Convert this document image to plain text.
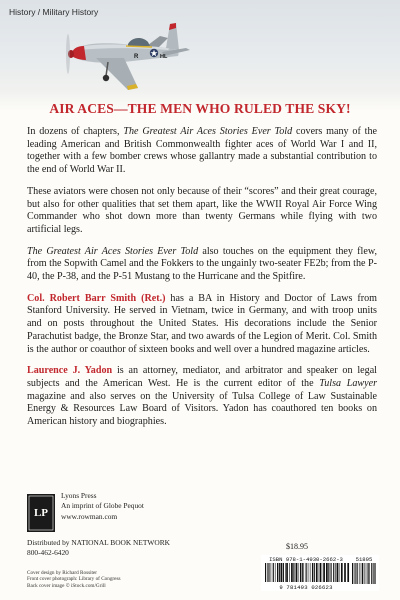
History / Military History
R	HL
AIR ACES—THE MEN WHO RULED THE SKY!

In dozens of chapters, The Greatest Air Aces Stories Ever Told covers many of the leading American and British Commonwealth fighter aces of World War I and II, together with a few bomber crews whose gallantry made a substantial contribution to the end of World War II.

These aviators were chosen not only because of their “scores” and their great courage, but also for other qualities that set them apart, like the WWII Royal Air Force Wing Commander who shot down more than twenty Germans while flying with two artificial legs.

The Greatest Air Aces Stories Ever Told also touches on the equipment they flew, from the Sopwith Camel and the Fokkers to the ungainly two-seater FE2b; from the P-40, the P-38, and the P-51 Mustang to the Hurricane and the Spitfire.

Col. Robert Barr Smith (Ret.) has a BA in History and Doctor of Laws from Stanford University. He served in Vietnam, twice in Germany, and with troop units and on posts throughout the United States. His decorations include the Senior Parachutist badge, the Bronze Star, and two awards of the Legion of Merit. Col. Smith is the author or coauthor of sixteen books and well over a hundred magazine articles.

Laurence J. Yadon is an attorney, mediator, and arbitrator and speaker on legal subjects and the American West. He is the current editor of the Tulsa Lawyer magazine and also serves on the University of Tulsa College of Law Sustainable Energy & Resources Law Board of Visitors. Yadon has coauthored ten books on American history and biographies.

LP
Lyons Press
An imprint of Globe Pequot
www.rowman.com
Distributed by NATIONAL BOOK NETWORK
800-462-6420
Cover design by Richard Rossiter
Front cover photograph: Library of Congress
Back cover image © iStock.com/Grill
$18.95
ISBN 978-1-4930-2662-3	51895
9 781493 026623
